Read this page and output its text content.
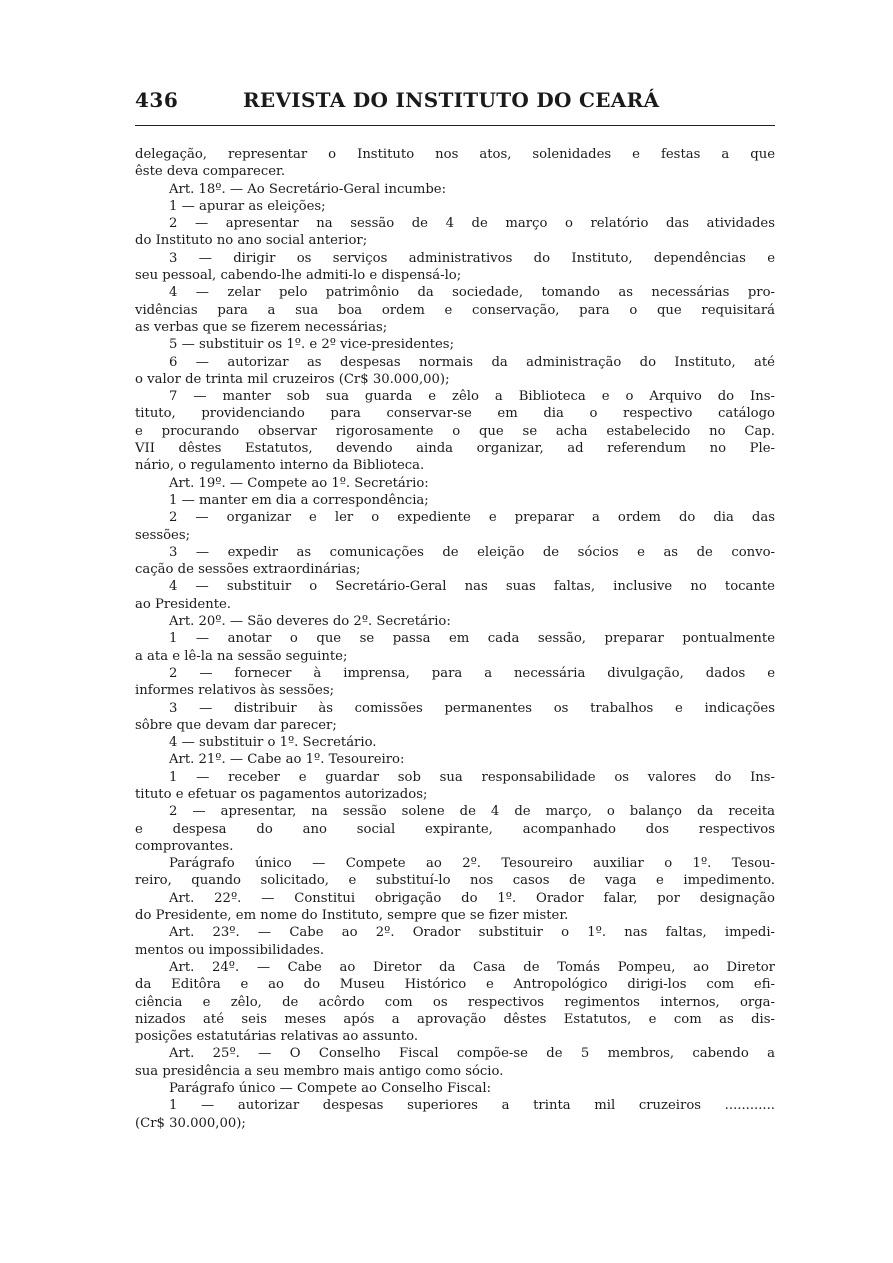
436	REVISTA DO INSTITUTO DO CEARÁ
delegação, representar o Instituto nos atos, solenidades e festas a que
êste deva comparecer.
Art. 18º. — Ao Secretário-Geral incumbe:
1 — apurar as eleições;
2 — apresentar na sessão de 4 de março o relatório das atividades
do Instituto no ano social anterior;
3 — dirigir os serviços administrativos do Instituto, dependências e
seu pessoal, cabendo-lhe admiti-lo e dispensá-lo;
4 — zelar pelo patrimônio da sociedade, tomando as necessárias pro-
vidências para a sua boa ordem e conservação, para o que requisitará
as verbas que se fizerem necessárias;
5 — substituir os 1º. e 2º vice-presidentes;
6 — autorizar as despesas normais da administração do Instituto, até
o valor de trinta mil cruzeiros (Cr$ 30.000,00);
7 — manter sob sua guarda e zêlo a Biblioteca e o Arquivo do Ins-
tituto, providenciando para conservar-se em dia o respectivo catálogo
e procurando observar rigorosamente o que se acha estabelecido no Cap.
VII dêstes Estatutos, devendo ainda organizar, ad referendum no Ple-
nário, o regulamento interno da Biblioteca.
Art. 19º. — Compete ao 1º. Secretário:
1 — manter em dia a correspondência;
2 — organizar e ler o expediente e preparar a ordem do dia das
sessões;
3 — expedir as comunicações de eleição de sócios e as de convo-
cação de sessões extraordinárias;
4 — substituir o Secretário-Geral nas suas faltas, inclusive no tocante
ao Presidente.
Art. 20º. — São deveres do 2º. Secretário:
1 — anotar o que se passa em cada sessão, preparar pontualmente
a ata e lê-la na sessão seguinte;
2 — fornecer à imprensa, para a necessária divulgação, dados e
informes relativos às sessões;
3 — distribuir às comissões permanentes os trabalhos e indicações
sôbre que devam dar parecer;
4 — substituir o 1º. Secretário.
Art. 21º. — Cabe ao 1º. Tesoureiro:
1 — receber e guardar sob sua responsabilidade os valores do Ins-
tituto e efetuar os pagamentos autorizados;
2 — apresentar, na sessão solene de 4 de março, o balanço da receita
e despesa do ano social expirante, acompanhado dos respectivos
comprovantes.
Parágrafo único — Compete ao 2º. Tesoureiro auxiliar o 1º. Tesou-
reiro, quando solicitado, e substituí-lo nos casos de vaga e impedimento.
Art. 22º. — Constitui obrigação do 1º. Orador falar, por designação
do Presidente, em nome do Instituto, sempre que se fizer mister.
Art. 23º. — Cabe ao 2º. Orador substituir o 1º. nas faltas, impedi-
mentos ou impossibilidades.
Art. 24º. — Cabe ao Diretor da Casa de Tomás Pompeu, ao Diretor
da Editôra e ao do Museu Histórico e Antropológico dirigi-los com efi-
ciência e zêlo, de acôrdo com os respectivos regimentos internos, orga-
nizados até seis meses após a aprovação dêstes Estatutos, e com as dis-
posições estatutárias relativas ao assunto.
Art. 25º. — O Conselho Fiscal compõe-se de 5 membros, cabendo a
sua presidência a seu membro mais antigo como sócio.
Parágrafo único — Compete ao Conselho Fiscal:
1 — autorizar despesas superiores a trinta mil cruzeiros ............
(Cr$ 30.000,00);
